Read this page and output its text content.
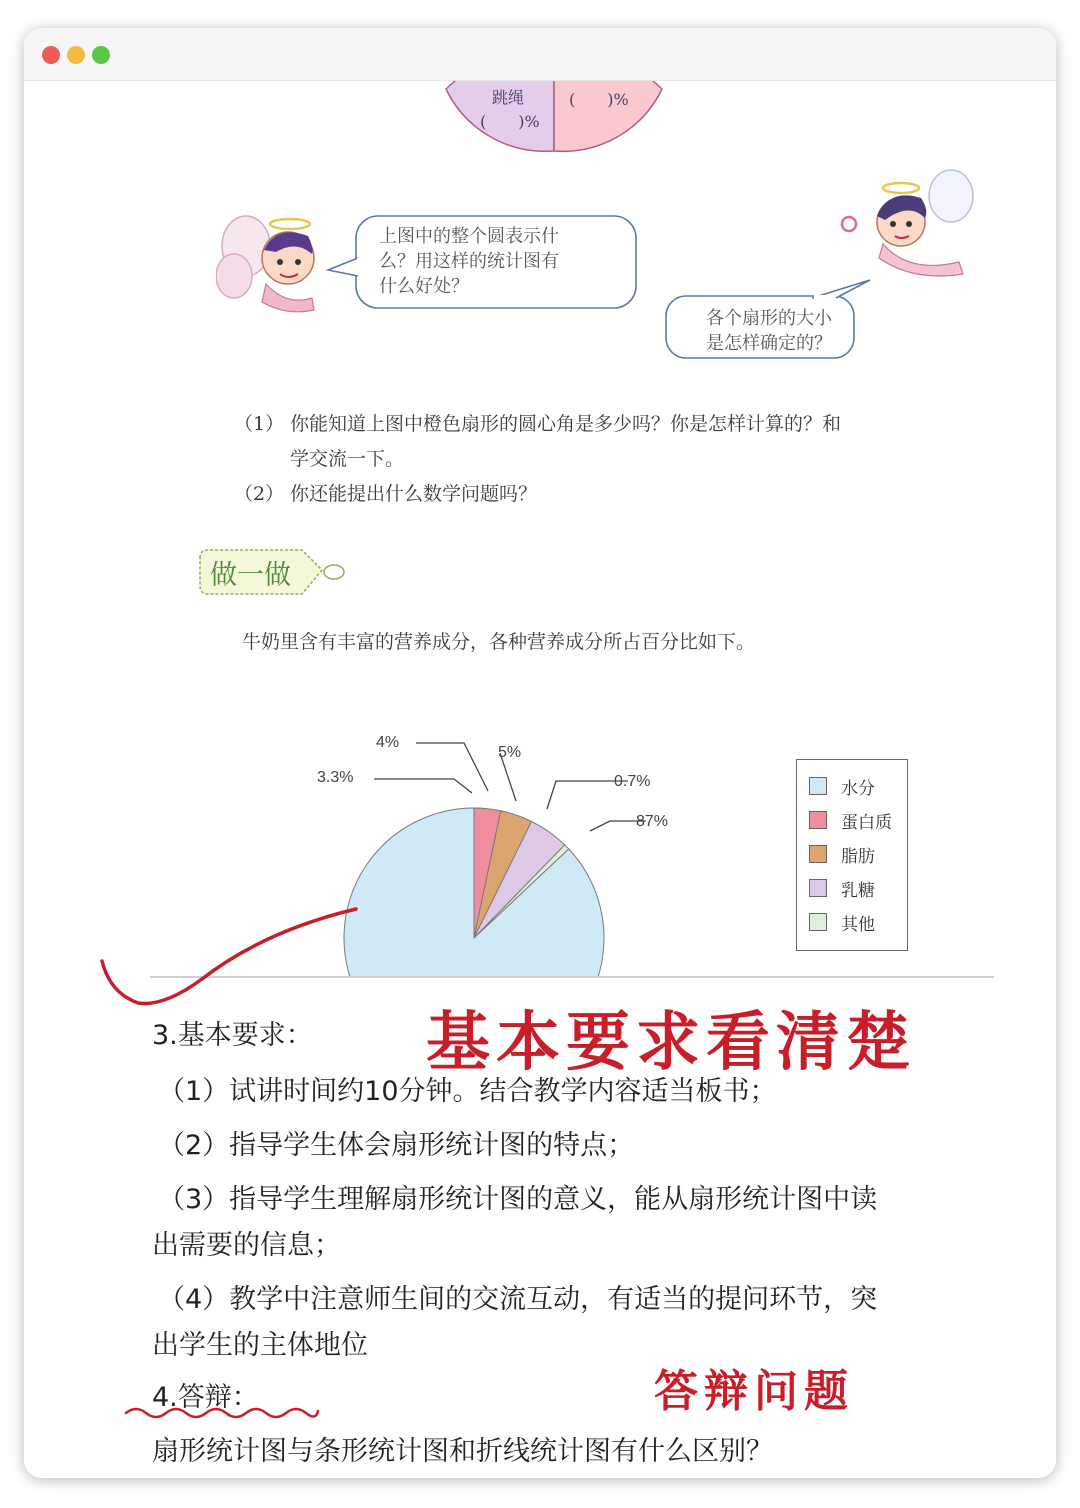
跳绳
(　　)%
(　　)%
上图中的整个圆表示什
么？用这样的统计图有
什么好处？
各个扇形的大小
是怎样确定的？
（1） 你能知道上图中橙色扇形的圆心角是多少吗？你是怎样计算的？和
学交流一下。
（2） 你还能提出什么数学问题吗？
做一做
牛奶里含有丰富的营养成分，各种营养成分所占百分比如下。
3.3%
4%
5%
0.7%
87%
水分
蛋白质
脂肪
乳糖
其他
3.基本要求：
（1）试讲时间约10分钟。结合教学内容适当板书；
（2）指导学生体会扇形统计图的特点；
（3）指导学生理解扇形统计图的意义，能从扇形统计图中读
出需要的信息；
（4）教学中注意师生间的交流互动，有适当的提问环节，突
出学生的主体地位
4.答辩：
扇形统计图与条形统计图和折线统计图有什么区别？
基本要求看清楚
答辩问题
